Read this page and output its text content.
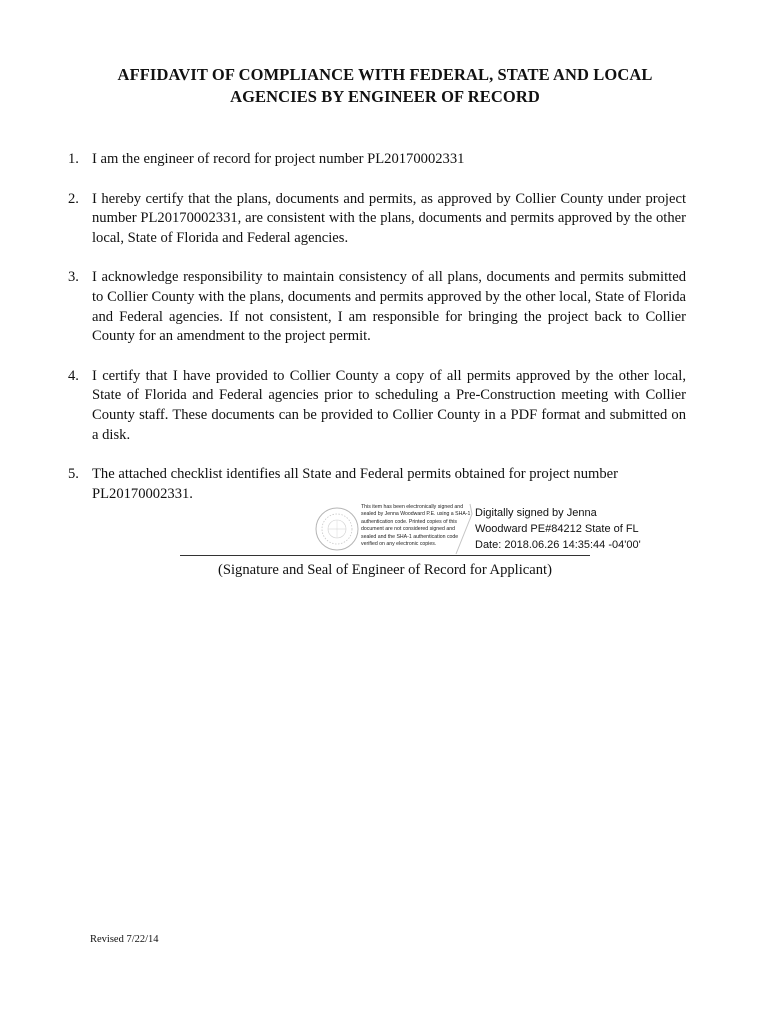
AFFIDAVIT OF COMPLIANCE WITH FEDERAL, STATE AND LOCAL
AGENCIES BY ENGINEER OF RECORD
1. I am the engineer of record for project number PL20170002331
2. I hereby certify that the plans, documents and permits, as approved by Collier County under project number PL20170002331, are consistent with the plans, documents and permits approved by the other local, State of Florida and Federal agencies.
3. I acknowledge responsibility to maintain consistency of all plans, documents and permits submitted to Collier County with the plans, documents and permits approved by the other local, State of Florida and Federal agencies. If not consistent, I am responsible for bringing the project back to Collier County for an amendment to the project permit.
4. I certify that I have provided to Collier County a copy of all permits approved by the other local, State of Florida and Federal agencies prior to scheduling a Pre-Construction meeting with Collier County staff. These documents can be provided to Collier County in a PDF format and submitted on a disk.
5. The attached checklist identifies all State and Federal permits obtained for project number PL20170002331.
This item has been electronically signed and sealed by Jenna Woodward P.E. using a SHA-1 authentication code. Printed copies of this document are not considered signed and sealed and the SHA-1 authentication code verified on any electronic copies.
Digitally signed by Jenna
Woodward PE#84212 State of FL
Date: 2018.06.26 14:35:44 -04'00'
(Signature and Seal of Engineer of Record for Applicant)
Revised 7/22/14
